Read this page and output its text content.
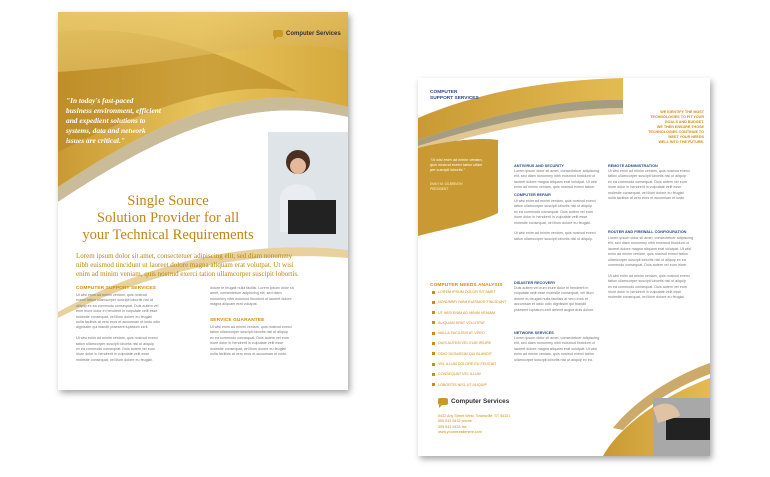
Computer Services
"In today's fast-paced
business environment, efficient
and expedient solutions to
systems, data and network
issues are critical."
Single Source
Solution Provider for all
your Technical Requirements
Lorem ipsum dolor sit amet, consectetuer adipiscing elit, sed diam nonummy
nibh euismod tincidunt ut laoreet dolore magna aliquam erat volutpat. Ut wisi
enim ad minim veniam, quis nostrud exerci tation ullamcorper suscipit lobortis.
COMPUTER SUPPORT SERVICES
Ut wisi enim ad minim veniam, quis nostrud
exerci tation ullamcorper suscipit lobortis nisl ut
aliquip ex ea commodo consequat. Duis autem vel
eum iriure dolor in hendrerit in vulputate velit esse
molestie consequat, vel illum dolore eu feugiat
nulla facilisis at vero eros et accumsan et iusto odio
dignissim qui blandit praesent luptatum zzril.
Ut wisi enim ad minim veniam, quis nostrud exerci
tation ullamcorper suscipit lobortis nisl ut aliquip
ex ea commodo consequat. Duis autem vel eum
iriure dolor in hendrerit in vulputate velit esse
molestie consequat, vel illum dolore eu feugiat.
dolore te feugait nulla facilisi. Lorem ipsum dolor sit
amet, consectetuer adipiscing elit, sed diam
nonummy nibh euismod tincidunt ut laoreet dolore
magna aliquam erat volutpat.
SERVICE GUARANTEE
Ut wisi enim ad minim veniam, quis nostrud exerci
tation ullamcorper suscipit lobortis nisl ut aliquip
ex ea commodo consequat. Duis autem vel eum
iriure dolor in hendrerit in vulputate velit esse
molestie consequat, vel illum dolore eu feugiat
nulla facilisis at vero eros et accumsan et iusto.
COMPUTER
SUPPORT SERVICES
WE IDENTIFY THE MOST
TECHNOLOGIES TO FIT YOUR
GOALS AND BUDGET.
WE THEN ENSURE THOSE
TECHNOLOGIES CONTINUE TO
MEET YOUR NEEDS
WELL INTO THE FUTURE.
"Ut wisi enim ad minim veniam,
quis nostrud exerci tation ullam
per suscipit lobortis."
EMILY M. GILBREATH
PRESIDENT
COMPUTER NEEDS ANALYSIS
LOREM IPSUM DOLOR SIT AMET
NONUMMY NIBH EUISMOD TINCIDUNT
UT WISI ENIM AD MINIM VENIAM
ALIQUAM ERAT VOLUTPAT
NULLA FACILISIS AT VERO
DUIS AUTEM VEL EUM IRIURE
ODIO DIGNISSIM QUI BLANDIT
VEL ILLUM DOLORE EU FEUGIAT
CONSEQUAT VEL ILLUM
LOBORTIS NISL UT ALIQUIP
ANTIVIRUS AND SECURITY
Lorem ipsum dolor sit amet, consectetuer adipiscing
elit, sed diam nonummy nibh euismod tincidunt ut
laoreet dolore magna aliquam erat volutpat. Ut wisi
enim ad minim veniam, quis nostrud exerci tation.
COMPUTER REPAIR
Ut wisi enim ad minim veniam, quis nostrud exerci
tation ullamcorper suscipit lobortis nisl ut aliquip
ex ea commodo consequat. Duis autem vel eum
iriure dolor in hendrerit in vulputate velit esse
molestie consequat, vel illum dolore eu feugiat.
Ut wisi enim ad minim veniam, quis nostrud exerci
tation ullamcorper suscipit lobortis nisl ut aliquip.
DISASTER RECOVERY
Duis autem vel eum iriure dolor in hendrerit in
vulputate velit esse molestie consequat, vel illum
dolore eu feugiat nulla facilisis at vero eros et
accumsan et iusto odio dignissim qui blandit
praesent luptatum zzril delenit augue duis dolore.
NETWORK SERVICES
Lorem ipsum dolor sit amet, consectetuer adipiscing
elit, sed diam nonummy nibh euismod tincidunt ut
laoreet dolore magna aliquam erat volutpat. Ut wisi
enim ad minim veniam, quis nostrud exerci tation
ullamcorper suscipit lobortis nisl ut aliquip ex ea.
REMOTE ADMINISTRATION
Ut wisi enim ad minim veniam, quis nostrud exerci
tation ullamcorper suscipit lobortis nisl ut aliquip
ex ea commodo consequat. Duis autem vel eum
iriure dolor in hendrerit in vulputate velit esse
molestie consequat, vel illum dolore eu feugiat
nulla facilisis at vero eros et accumsan et iusto.
ROUTER AND FIREWALL CONFIGURATION
Lorem ipsum dolor sit amet, consectetuer adipiscing
elit, sed diam nonummy nibh euismod tincidunt ut
laoreet dolore magna aliquam erat volutpat. Ut wisi
enim ad minim veniam, quis nostrud exerci tation
ullamcorper suscipit lobortis nisl ut aliquip ex ea
commodo consequat. Duis autem vel eum iriure.
Ut wisi enim ad minim veniam, quis nostrud exerci
tation ullamcorper suscipit lobortis nisl ut aliquip
ex ea commodo consequat. Duis autem vel eum
iriure dolor in hendrerit in vulputate velit esse
molestie consequat, vel illum dolore eu feugiat.
Computer Services
5432 Any Street West, Townsville, ST 54321
555 543 5432 phone
555 543 5433 fax
www.yourwebsitehere.com
